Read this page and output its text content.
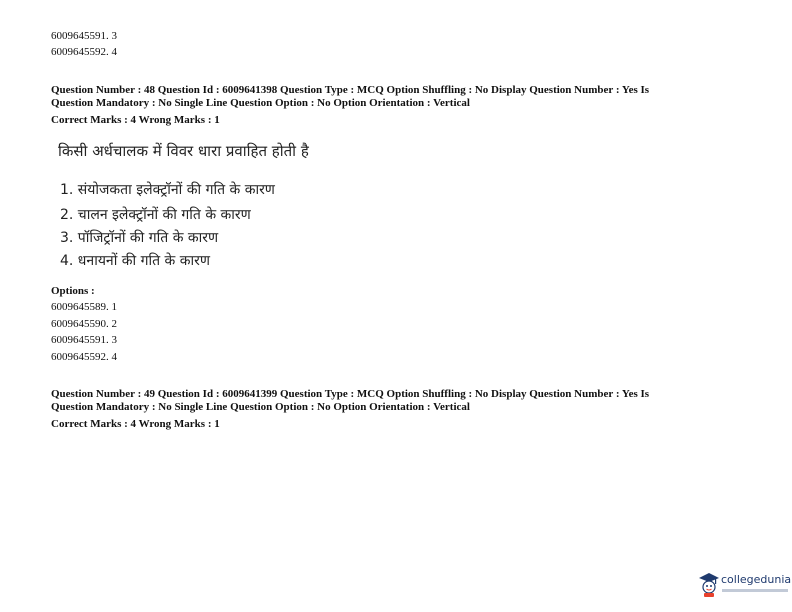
6009645591. 3
6009645592. 4
Question Number : 48 Question Id : 6009641398 Question Type : MCQ Option Shuffling : No Display Question Number : Yes Is
Question Mandatory : No Single Line Question Option : No Option Orientation : Vertical
Correct Marks : 4 Wrong Marks : 1
किसी अर्धचालक में विवर धारा प्रवाहित होती है
1. संयोजकता इलेक्ट्रॉनों की गति के कारण
2. चालन इलेक्ट्रॉनों की गति के कारण
3. पॉजिट्रॉनों की गति के कारण
4. धनायनों की गति के कारण
Options :
6009645589. 1
6009645590. 2
6009645591. 3
6009645592. 4
Question Number : 49 Question Id : 6009641399 Question Type : MCQ Option Shuffling : No Display Question Number : Yes Is
Question Mandatory : No Single Line Question Option : No Option Orientation : Vertical
Correct Marks : 4 Wrong Marks : 1
collegedunia
